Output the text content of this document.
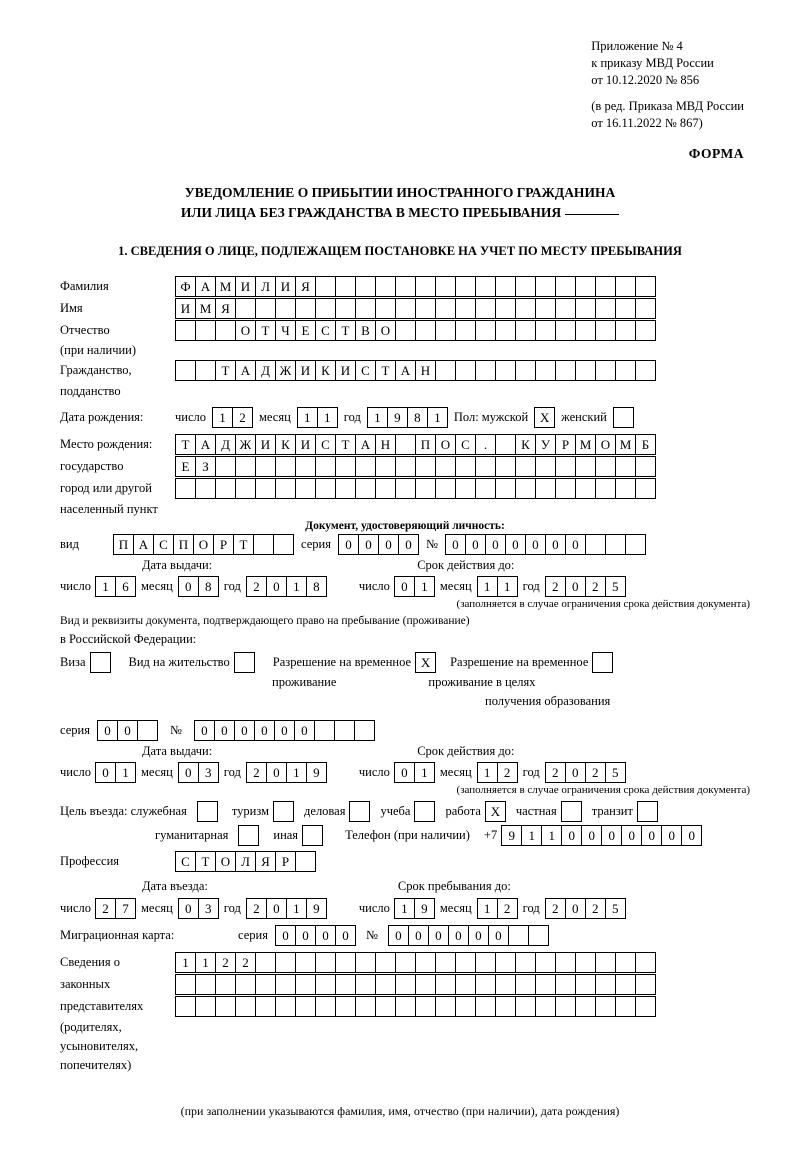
Приложение № 4
к приказу МВД России
от 10.12.2020 № 856
(в ред. Приказа МВД России
от 16.11.2022 № 867)
ФОРМА
УВЕДОМЛЕНИЕ О ПРИБЫТИИ ИНОСТРАННОГО ГРАЖДАНИНА
ИЛИ ЛИЦА БЕЗ ГРАЖДАНСТВА В МЕСТО ПРЕБЫВАНИЯ
1. СВЕДЕНИЯ О ЛИЦЕ, ПОДЛЕЖАЩЕМ ПОСТАНОВКЕ НА УЧЕТ ПО МЕСТУ ПРЕБЫВАНИЯ
Фамилия	Ф А М И Л И Я
Имя	И М Я
Отчество	О Т Ч Е С Т В О
(при наличии)
Гражданство,	Т А Д Ж И К И С Т А Н
подданство
Дата рождения:	число	1	2	месяц	1	1	год	1	9	8	1	Пол: мужской X женский
Место рождения:	Т А Д Ж И К И С Т А Н	П О С	.	К У Р М О М Б
государство	Е З
город или другой
населенный пункт
Документ, удостоверяющий личность:
вид	П А С П О Р Т	серия	0	0	0	0	№	0	0	0	0	0	0	0
Дата выдачи:	Срок действия до:
число 1	6 месяц 0	8 год 2	0	1	8	число 0	1 месяц 1	1 год 2	0	2	5
(заполняется в случае ограничения срока действия документа)
Вид и реквизиты документа, подтверждающего право на пребывание (проживание)
в Российской Федерации:
Виза	Вид на жительство	Разрешение на временное X	Разрешение на временное
проживание	проживание в целях
получения образования
серия	0	0	№	0	0	0	0	0	0
Дата выдачи:	Срок действия до:
число 0	1 месяц 0	3 год 2	0	1	9	число 0	1 месяц 1	2 год 2	0	2	5
(заполняется в случае ограничения срока действия документа)
Цель въезда: служебная	туризм	деловая	учеба	работа X	частная	транзит
гуманитарная	иная	Телефон (при наличии) +7 9	1	1	0	0	0	0	0	0	0
Профессия	С Т О Л Я Р
Дата въезда:	Срок пребывания до:
число 2	7 месяц 0	3 год 2	0	1	9	число 1	9 месяц 1	2 год 2	0	2	5
Миграционная карта:	серия	0	0	0	0	№	0	0	0	0	0	0
Сведения о	1	1	2	2
законных
представителях
(родителях,
усыновителях,
попечителях)
(при заполнении указываются фамилия, имя, отчество (при наличии), дата рождения)
